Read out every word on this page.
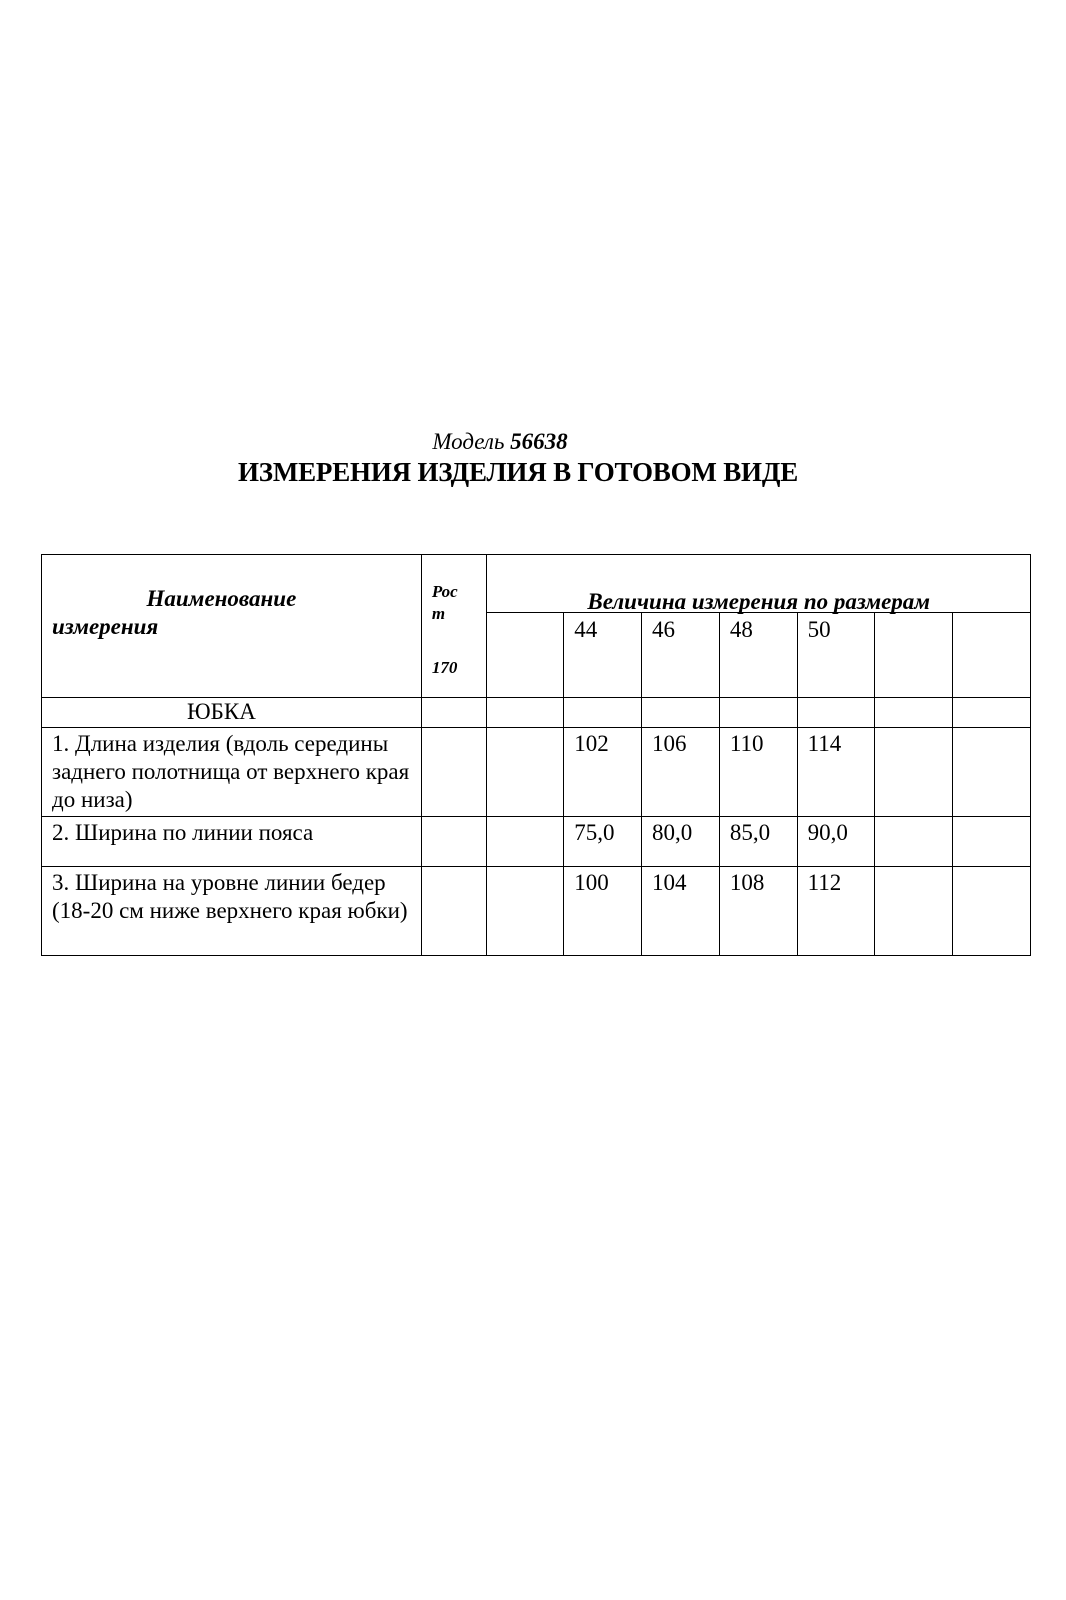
Модель 56638
ИЗМЕРЕНИЯ ИЗДЕЛИЯ В ГОТОВОМ ВИДЕ
Наименование
измерения	Рос
т
170	Величина измерения по размерам						
			44	46	48	50		
ЮБКА								
1. Длина изделия (вдоль середины заднего полотнища от верхнего края до низа)			102	106	110	114		
2. Ширина по линии пояса			75,0	80,0	85,0	90,0		
3. Ширина на уровне линии бедер (18-20 см ниже верхнего края юбки)			100	104	108	112		
